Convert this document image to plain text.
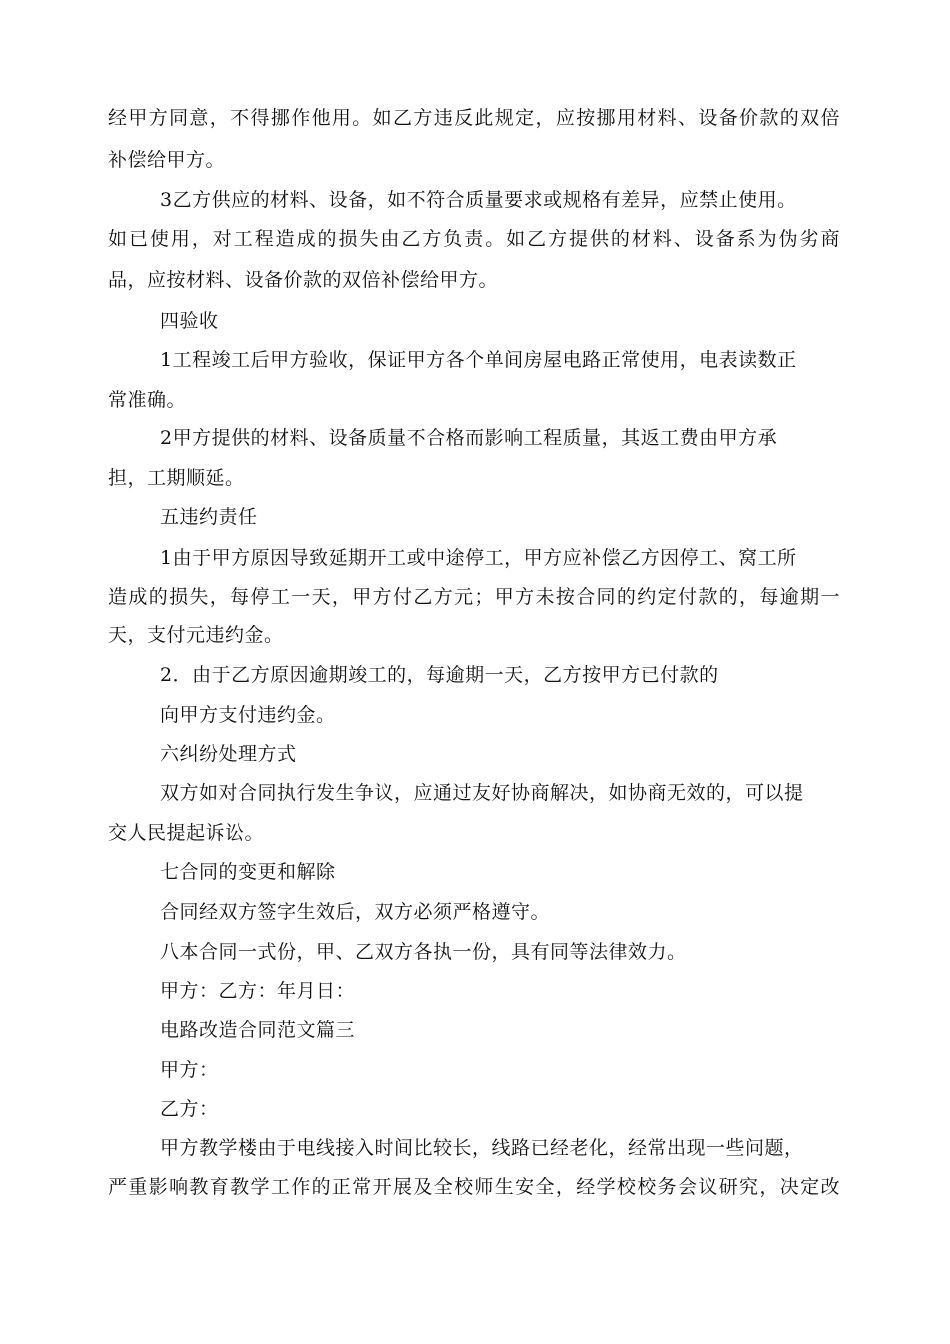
经甲方同意，不得挪作他用。如乙方违反此规定，应按挪用材料、设备价款的双倍
补偿给甲方。
3乙方供应的材料、设备，如不符合质量要求或规格有差异，应禁止使用。
如已使用，对工程造成的损失由乙方负责。如乙方提供的材料、设备系为伪劣商
品，应按材料、设备价款的双倍补偿给甲方。
四验收
1工程竣工后甲方验收，保证甲方各个单间房屋电路正常使用，电表读数正
常准确。
2甲方提供的材料、设备质量不合格而影响工程质量，其返工费由甲方承
担，工期顺延。
五违约责任
1由于甲方原因导致延期开工或中途停工，甲方应补偿乙方因停工、窝工所
造成的损失，每停工一天，甲方付乙方元；甲方未按合同的约定付款的，每逾期一
天，支付元违约金。
2．由于乙方原因逾期竣工的，每逾期一天，乙方按甲方已付款的
向甲方支付违约金。
六纠纷处理方式
双方如对合同执行发生争议，应通过友好协商解决，如协商无效的，可以提
交人民提起诉讼。
七合同的变更和解除
合同经双方签字生效后，双方必须严格遵守。
八本合同一式份，甲、乙双方各执一份，具有同等法律效力。
甲方：乙方：年月日：
电路改造合同范文篇三
甲方：
乙方：
甲方教学楼由于电线接入时间比较长，线路已经老化，经常出现一些问题，
严重影响教育教学工作的正常开展及全校师生安全，经学校校务会议研究，决定改
